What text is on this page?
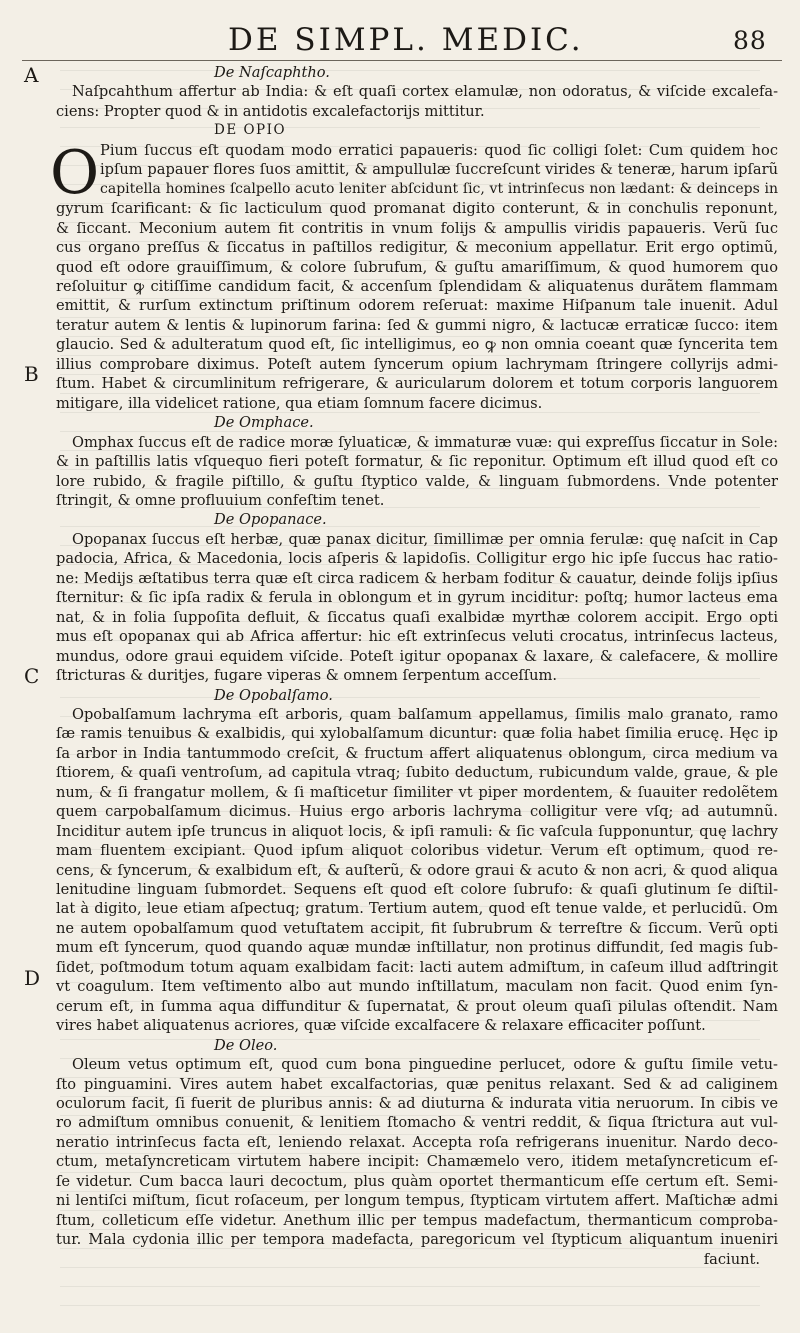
DE SIMPL. MEDIC.	88
A
B
C
D
De Naſcaphtho.
Naſpcahthum affertur ab India: & eſt quaſi cortex elamulæ, non odoratus, & viſcide excalefa-
ciens: Propter quod & in antidotis excalefactorijs mittitur.
DE OPIO
O Pium ſuccus eſt quodam modo erratici papaueris: quod ſic colligi ſolet: Cum quidem hoc
ipſum papauer flores ſuos amittit, & ampullulæ ſuccreſcunt virides & teneræ, harum ipſarũ
capitella homines ſcalpello acuto leniter abſcidunt ſic, vt intrinſecus non lædant: & deinceps in
gyrum ſcarificant: & ſic lacticulum quod promanat digito conterunt, & in conchulis reponunt,
& ſiccant. Meconium autem fit contritis in vnum folijs & ampullis viridis papaueris. Verũ ſuc
cus organo preſſus & ſiccatus in paſtillos redigitur, & meconium appellatur. Erit ergo optimũ,
quod eſt odore grauiſſimum, & colore ſubrufum, & guſtu amariſſimum, & quod humorem quo
reſoluitur ꝙ citiſſime candidum facit, & accenſum ſplendidam & aliquatenus durãtem flammam
emittit, & rurſum extinctum priſtinum odorem reſeruat: maxime Hiſpanum tale inuenit. Adul
teratur autem & lentis & lupinorum farina: ſed & gummi nigro, & lactucæ erraticæ ſucco: item
glaucio. Sed & adulteratum quod eſt, ſic intelligimus, eo ꝙ non omnia coeant quæ ſyncerita tem
illius comprobare diximus. Poteſt autem ſyncerum opium lachrymam ſtringere collyrijs admi-
ſtum. Habet & circumlinitum refrigerare, & auricularum dolorem et totum corporis languorem
mitigare, illa videlicet ratione, qua etiam ſomnum facere dicimus.
De Omphace.
Omphax ſuccus eſt de radice moræ ſyluaticæ, & immaturæ vuæ: qui expreſſus ſiccatur in Sole:
& in paſtillis latis vſquequo fieri poteſt formatur, & ſic reponitur. Optimum eſt illud quod eſt co
lore rubido, & fragile piſtillo, & guſtu ſtyptico valde, & linguam ſubmordens. Vnde potenter
ſtringit, & omne profluuium confeſtim tenet.
De Opopanace.
Opopanax ſuccus eſt herbæ, quæ panax dicitur, ſimillimæ per omnia ferulæ: quę naſcit in Cap
padocia, Africa, & Macedonia, locis aſperis & lapidoſis. Colligitur ergo hic ipſe ſuccus hac ratio-
ne: Medijs æſtatibus terra quæ eſt circa radicem & herbam foditur & cauatur, deinde folijs ipſius
ſternitur: & ſic ipſa radix & ferula in oblongum et in gyrum inciditur: poſtq; humor lacteus ema
nat, & in folia ſuppoſita defluit, & ſiccatus quaſi exalbidæ myrthæ colorem accipit. Ergo opti
mus eſt opopanax qui ab Africa affertur: hic eſt extrinſecus veluti crocatus, intrinſecus lacteus,
mundus, odore graui equidem viſcide. Poteſt igitur opopanax & laxare, & calefacere, & mollire
ſtricturas & duritjes, fugare viperas & omnem ſerpentum acceſſum.
De Opobalſamo.
Opobalſamum lachryma eſt arboris, quam balſamum appellamus, ſimilis malo granato, ramo
ſæ ramis tenuibus & exalbidis, qui xylobalſamum dicuntur: quæ folia habet ſimilia erucę. Hęc ip
ſa arbor in India tantummodo creſcit, & fructum affert aliquatenus oblongum, circa medium va
ſtiorem, & quaſi ventroſum, ad capitula vtraq; ſubito deductum, rubicundum valde, graue, & ple
num, & ſi frangatur mollem, & ſi maſticetur ſimiliter vt piper mordentem, & ſuauiter redolẽtem
quem carpobalſamum dicimus. Huius ergo arboris lachryma colligitur vere vſq; ad autumnũ.
Inciditur autem ipſe truncus in aliquot locis, & ipſi ramuli: & ſic vaſcula ſupponuntur, quę lachry
mam fluentem excipiant. Quod ipſum aliquot coloribus videtur. Verum eſt optimum, quod re-
cens, & ſyncerum, & exalbidum eſt, & auſterũ, & odore graui & acuto & non acri, & quod aliqua
lenitudine linguam ſubmordet. Sequens eſt quod eſt colore ſubrufo: & quaſi glutinum ſe diſtil-
lat à digito, leue etiam aſpectuq; gratum. Tertium autem, quod eſt tenue valde, et perlucidũ. Om
ne autem opobalſamum quod vetuſtatem accipit, fit ſubrubrum & terreſtre & ſiccum. Verũ opti
mum eſt ſyncerum, quod quando aquæ mundæ inſtillatur, non protinus diffundit, ſed magis ſub-
ſidet, poſtmodum totum aquam exalbidam facit: lacti autem admiſtum, in caſeum illud adſtringit
vt coagulum. Item veſtimento albo aut mundo inſtillatum, maculam non facit. Quod enim ſyn-
cerum eſt, in ſumma aqua diffunditur & ſupernatat, & prout oleum quaſi pilulas oſtendit. Nam
vires habet aliquatenus acriores, quæ viſcide excalfacere & relaxare efficaciter poſſunt.
De Oleo.
Oleum vetus optimum eſt, quod cum bona pinguedine perlucet, odore & guſtu ſimile vetu-
ſto pinguamini. Vires autem habet excalfactorias, quæ penitus relaxant. Sed & ad caliginem
oculorum facit, ſi fuerit de pluribus annis: & ad diuturna & indurata vitia neruorum. In cibis ve
ro admiſtum omnibus conuenit, & lenitiem ſtomacho & ventri reddit, & ſiqua ſtrictura aut vul-
neratio intrinſecus facta eſt, leniendo relaxat. Accepta roſa refrigerans inuenitur. Nardo deco-
ctum, metaſyncreticam virtutem habere incipit: Chamæmelo vero, itidem metaſyncreticum eſ-
ſe videtur. Cum bacca lauri decoctum, plus quàm oportet thermanticum eſſe certum eſt. Semi-
ni lentiſci miſtum, ſicut roſaceum, per longum tempus, ſtypticam virtutem affert. Maſtichæ admi
ſtum, colleticum eſſe videtur. Anethum illic per tempus madefactum, thermanticum comproba-
tur. Mala cydonia illic per tempora madefacta, paregoricum vel ſtypticum aliquantum inueniri
faciunt.
